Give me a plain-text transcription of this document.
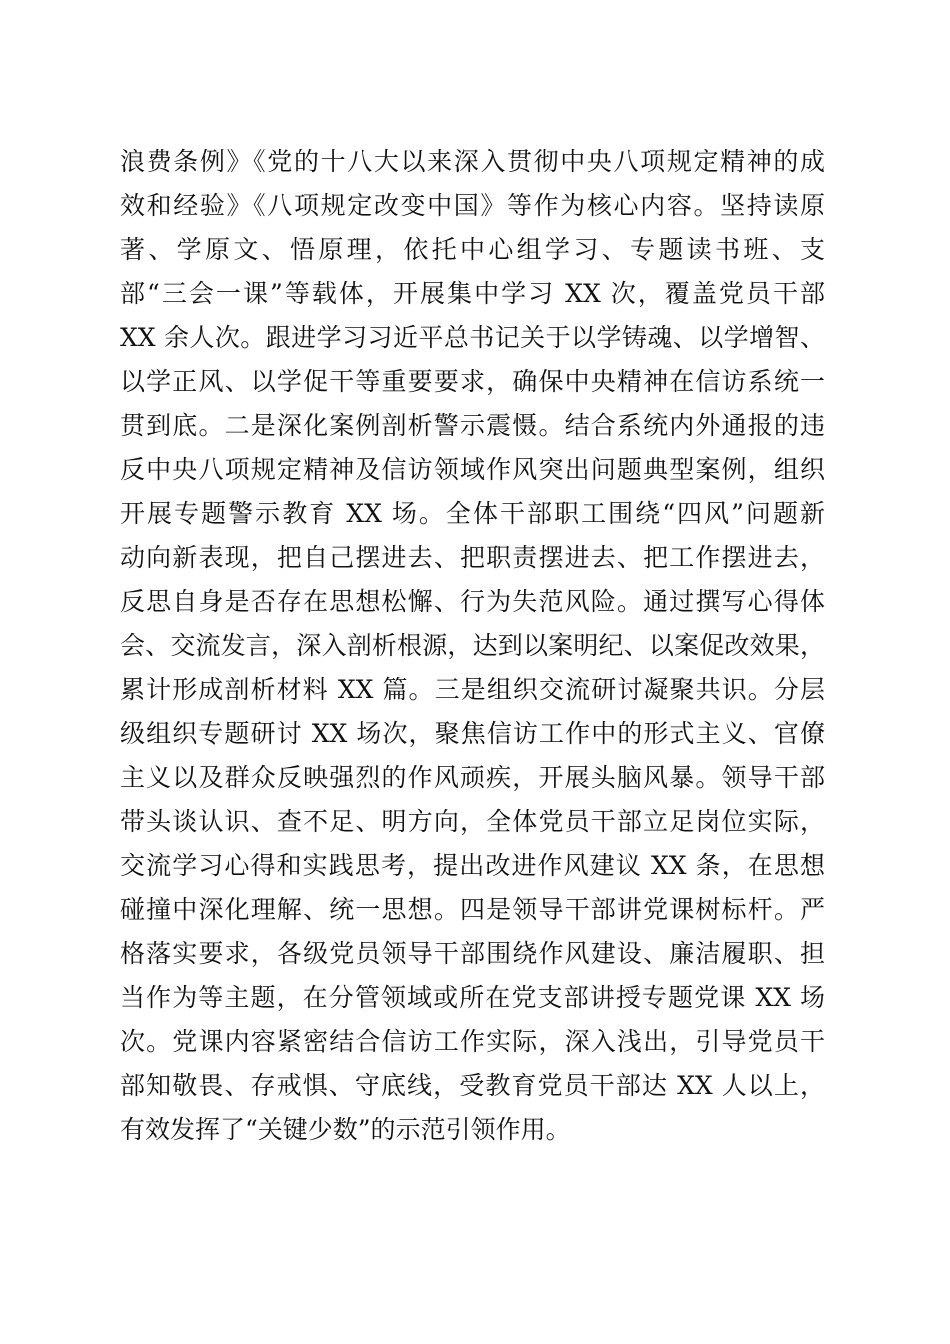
浪费条例》《党的十八大以来深入贯彻中央八项规定精神的成
效和经验》《八项规定改变中国》等作为核心内容。坚持读原
著、学原文、悟原理，依托中心组学习、专题读书班、支
部“三会一课”等载体，开展集中学习 XX 次，覆盖党员干部
XX 余人次。跟进学习习近平总书记关于以学铸魂、以学增智、
以学正风、以学促干等重要要求，确保中央精神在信访系统一
贯到底。二是深化案例剖析警示震慑。结合系统内外通报的违
反中央八项规定精神及信访领域作风突出问题典型案例，组织
开展专题警示教育 XX 场。全体干部职工围绕“四风”问题新
动向新表现，把自己摆进去、把职责摆进去、把工作摆进去，
反思自身是否存在思想松懈、行为失范风险。通过撰写心得体
会、交流发言，深入剖析根源，达到以案明纪、以案促改效果，
累计形成剖析材料 XX 篇。三是组织交流研讨凝聚共识。分层
级组织专题研讨 XX 场次，聚焦信访工作中的形式主义、官僚
主义以及群众反映强烈的作风顽疾，开展头脑风暴。领导干部
带头谈认识、查不足、明方向，全体党员干部立足岗位实际，
交流学习心得和实践思考，提出改进作风建议 XX 条，在思想
碰撞中深化理解、统一思想。四是领导干部讲党课树标杆。严
格落实要求，各级党员领导干部围绕作风建设、廉洁履职、担
当作为等主题，在分管领域或所在党支部讲授专题党课 XX 场
次。党课内容紧密结合信访工作实际，深入浅出，引导党员干
部知敬畏、存戒惧、守底线，受教育党员干部达 XX 人以上，
有效发挥了“关键少数”的示范引领作用。
